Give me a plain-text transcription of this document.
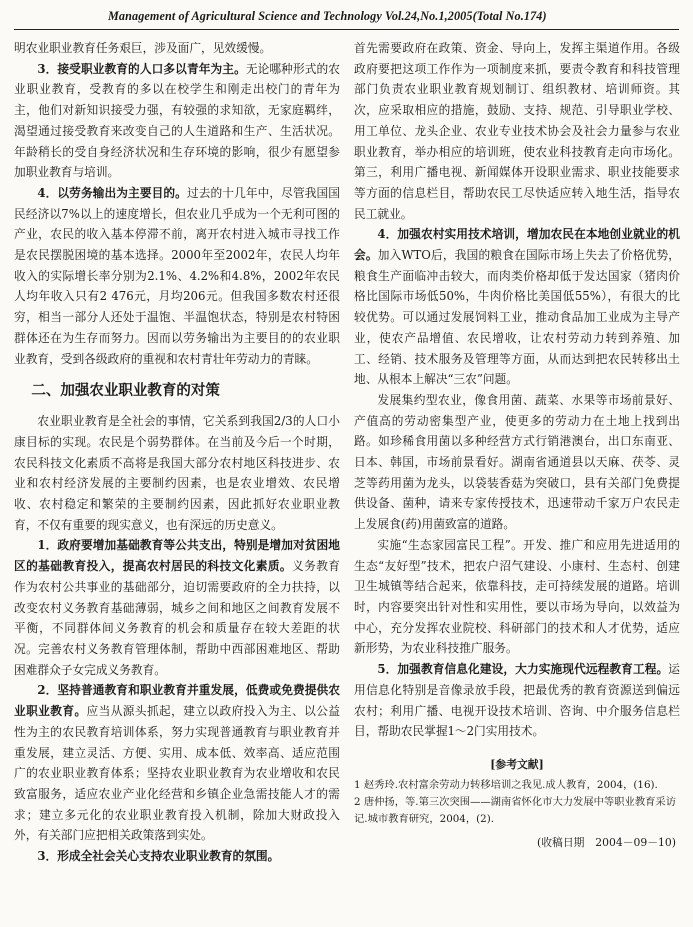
Management of Agricultural Science and Technology Vol.24,No.1,2005(Total No.174)

明农业职业教育任务艰巨，涉及面广，见效缓慢。

3．接受职业教育的人口多以青年为主。无论哪种形式的农业职业教育，受教育的多以在校学生和刚走出校门的青年为主，他们对新知识接受力强，有较强的求知欲，无家庭羁绊，渴望通过接受教育来改变自己的人生道路和生产、生活状况。年龄稍长的受自身经济状况和生存环境的影响，很少有愿望参加职业教育与培训。

4．以劳务输出为主要目的。过去的十几年中，尽管我国国民经济以7%以上的速度增长，但农业几乎成为一个无利可图的产业，农民的收入基本停滞不前，离开农村进入城市寻找工作是农民摆脱困境的基本选择。2000年至2002年，农民人均年收入的实际增长率分别为2.1%、4.2%和4.8%，2002年农民人均年收入只有2 476元，月均206元。但我国多数农村还很穷，相当一部分人还处于温饱、半温饱状态，特别是农村特困群体还在为生存而努力。因而以劳务输出为主要目的的农业职业教育，受到各级政府的重视和农村青壮年劳动力的青睐。

二、加强农业职业教育的对策

农业职业教育是全社会的事情，它关系到我国2/3的人口小康目标的实现。农民是个弱势群体。在当前及今后一个时期，农民科技文化素质不高将是我国大部分农村地区科技进步、农业和农村经济发展的主要制约因素，也是农业增效、农民增收、农村稳定和繁荣的主要制约因素，因此抓好农业职业教育，不仅有重要的现实意义，也有深远的历史意义。

1．政府要增加基础教育等公共支出，特别是增加对贫困地区的基础教育投入，提高农村居民的科技文化素质。义务教育作为农村公共事业的基础部分，迫切需要政府的全力扶持，以改变农村义务教育基础薄弱，城乡之间和地区之间教育发展不平衡，不同群体间义务教育的机会和质量存在较大差距的状况。完善农村义务教育管理体制，帮助中西部困难地区、帮助困难群众子女完成义务教育。

2．坚持普通教育和职业教育并重发展，低费或免费提供农业职业教育。应当从源头抓起，建立以政府投入为主、以公益性为主的农民教育培训体系，努力实现普通教育与职业教育并重发展，建立灵活、方便、实用、成本低、效率高、适应范围广的农业职业教育体系；坚持农业职业教育为农业增收和农民致富服务，适应农业产业化经营和乡镇企业急需技能人才的需求；建立多元化的农业职业教育投入机制，除加大财政投入外，有关部门应把相关政策落到实处。

3．形成全社会关心支持农业职业教育的氛围。

首先需要政府在政策、资金、导向上，发挥主渠道作用。各级政府要把这项工作作为一项制度来抓，要责令教育和科技管理部门负责农业职业教育规划制订、组织教材、培训师资。其次，应采取相应的措施，鼓励、支持、规范、引导职业学校、用工单位、龙头企业、农业专业技术协会及社会力量参与农业职业教育，举办相应的培训班，使农业科技教育走向市场化。第三，利用广播电视、新闻媒体开设职业需求、职业技能要求等方面的信息栏目，帮助农民工尽快适应转入地生活，指导农民工就业。

4．加强农村实用技术培训，增加农民在本地创业就业的机会。加入WTO后，我国的粮食在国际市场上失去了价格优势，粮食生产面临冲击较大，而肉类价格却低于发达国家（猪肉价格比国际市场低50%，牛肉价格比美国低55%），有很大的比较优势。可以通过发展饲料工业，推动食品加工业成为主导产业，使农产品增值、农民增收，让农村劳动力转到养殖、加工、经销、技术服务及管理等方面，从而达到把农民转移出土地、从根本上解决“三农”问题。

发展集约型农业，像食用菌、蔬菜、水果等市场前景好、产值高的劳动密集型产业，使更多的劳动力在土地上找到出路。如珍稀食用菌以多种经营方式行销港澳台，出口东南亚、日本、韩国，市场前景看好。湖南省通道县以天麻、茯苓、灵芝等药用菌为龙头，以袋装香菇为突破口，县有关部门免费提供设备、菌种，请来专家传授技术，迅速带动千家万户农民走上发展食(药)用菌致富的道路。

实施“生态家园富民工程”。开发、推广和应用先进适用的生态“友好型”技术，把农户沼气建设、小康村、生态村、创建卫生城镇等结合起来，依靠科技，走可持续发展的道路。培训时，内容要突出针对性和实用性，要以市场为导向，以效益为中心，充分发挥农业院校、科研部门的技术和人才优势，适应新形势，为农业科技推广服务。

5．加强教育信息化建设，大力实施现代远程教育工程。运用信息化特别是音像录放手段，把最优秀的教育资源送到偏远农村；利用广播、电视开设技术培训、咨询、中介服务信息栏目，帮助农民掌握1～2门实用技术。

[参考文献]
1 赵秀玲.农村富余劳动力转移培训之我见.成人教育，2004，(16).
2 唐仲扬，等.第三次突围——湖南省怀化市大力发展中等职业教育采访记.城市教育研究，2004，(2).
(收稿日期　2004－09－10)
